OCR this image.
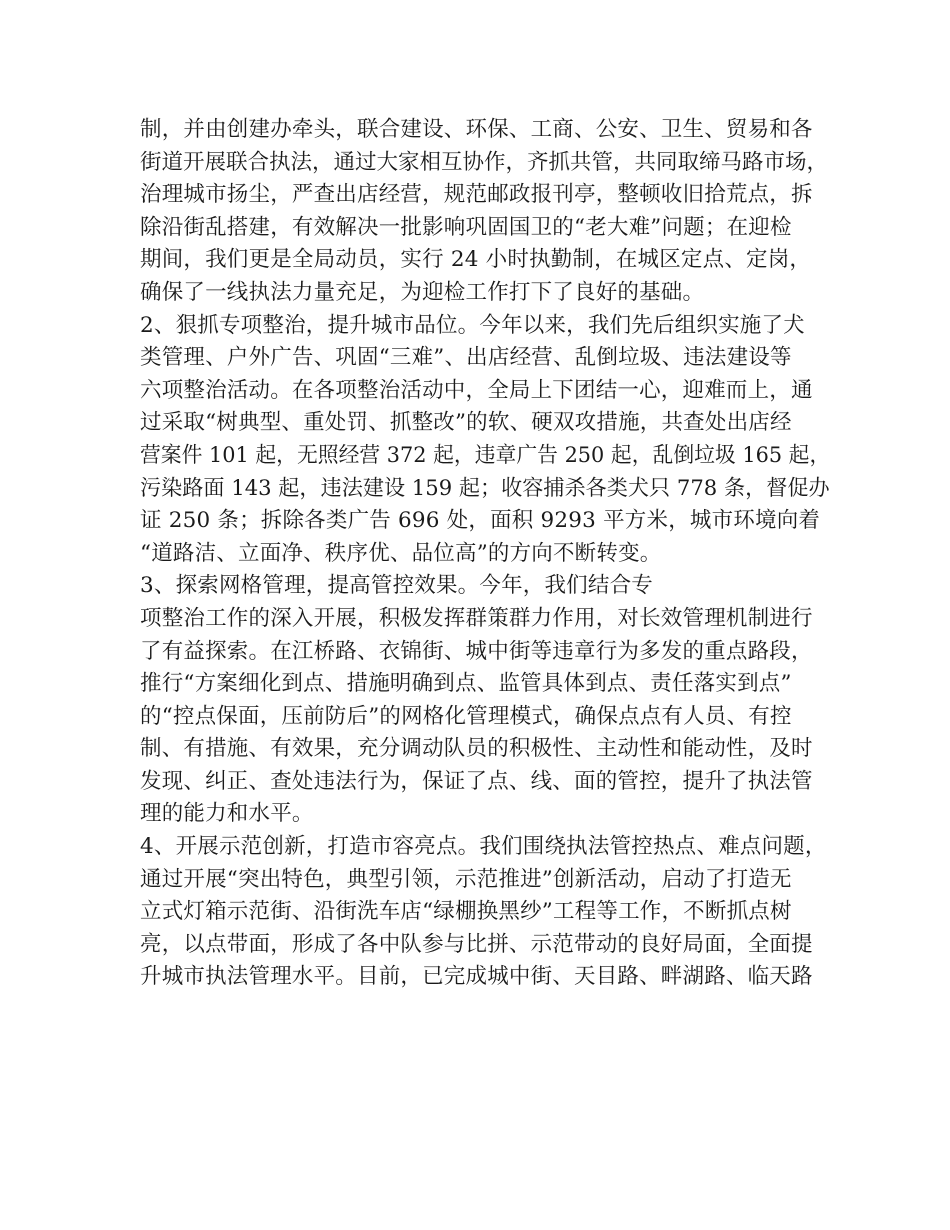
制，并由创建办牵头，联合建设、环保、工商、公安、卫生、贸易和各
街道开展联合执法，通过大家相互协作，齐抓共管，共同取缔马路市场，
治理城市扬尘，严查出店经营，规范邮政报刊亭，整顿收旧拾荒点，拆
除沿街乱搭建，有效解决一批影响巩固国卫的“老大难”问题；在迎检
期间，我们更是全局动员，实行 24 小时执勤制，在城区定点、定岗，
确保了一线执法力量充足，为迎检工作打下了良好的基础。
2、狠抓专项整治，提升城市品位。今年以来，我们先后组织实施了犬
类管理、户外广告、巩固“三难”、出店经营、乱倒垃圾、违法建设等
六项整治活动。在各项整治活动中，全局上下团结一心，迎难而上，通
过采取“树典型、重处罚、抓整改”的软、硬双攻措施，共查处出店经
营案件 101 起，无照经营 372 起，违章广告 250 起，乱倒垃圾 165 起，
污染路面 143 起，违法建设 159 起；收容捕杀各类犬只 778 条，督促办
证 250 条；拆除各类广告 696 处，面积 9293 平方米，城市环境向着
“道路洁、立面净、秩序优、品位高”的方向不断转变。
3、探索网格管理，提高管控效果。今年，我们结合专
项整治工作的深入开展，积极发挥群策群力作用，对长效管理机制进行
了有益探索。在江桥路、衣锦街、城中街等违章行为多发的重点路段，
推行“方案细化到点、措施明确到点、监管具体到点、责任落实到点”
的“控点保面，压前防后”的网格化管理模式，确保点点有人员、有控
制、有措施、有效果，充分调动队员的积极性、主动性和能动性，及时
发现、纠正、查处违法行为，保证了点、线、面的管控，提升了执法管
理的能力和水平。
4、开展示范创新，打造市容亮点。我们围绕执法管控热点、难点问题，
通过开展“突出特色，典型引领，示范推进”创新活动，启动了打造无
立式灯箱示范街、沿街洗车店“绿棚换黑纱”工程等工作，不断抓点树
亮，以点带面，形成了各中队参与比拼、示范带动的良好局面，全面提
升城市执法管理水平。目前，已完成城中街、天目路、畔湖路、临天路
